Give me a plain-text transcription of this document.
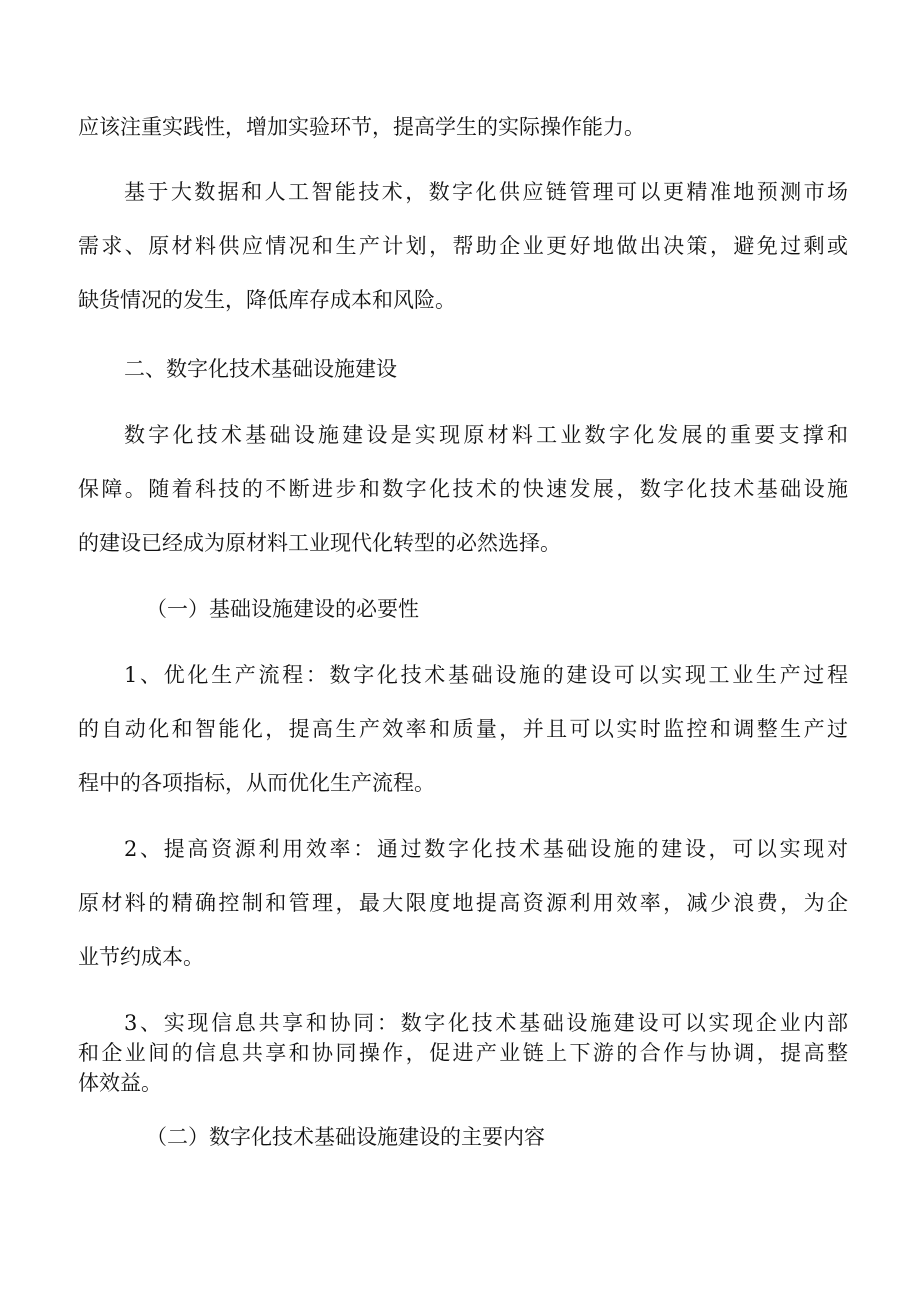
应该注重实践性，增加实验环节，提高学生的实际操作能力。
基于大数据和人工智能技术，数字化供应链管理可以更精准地预测市场
需求、原材料供应情况和生产计划，帮助企业更好地做出决策，避免过剩或
缺货情况的发生，降低库存成本和风险。
二、数字化技术基础设施建设
数字化技术基础设施建设是实现原材料工业数字化发展的重要支撑和
保障。随着科技的不断进步和数字化技术的快速发展，数字化技术基础设施
的建设已经成为原材料工业现代化转型的必然选择。
（一）基础设施建设的必要性
1、优化生产流程：数字化技术基础设施的建设可以实现工业生产过程
的自动化和智能化，提高生产效率和质量，并且可以实时监控和调整生产过
程中的各项指标，从而优化生产流程。
2、提高资源利用效率：通过数字化技术基础设施的建设，可以实现对
原材料的精确控制和管理，最大限度地提高资源利用效率，减少浪费，为企
业节约成本。
3、实现信息共享和协同：数字化技术基础设施建设可以实现企业内部
和企业间的信息共享和协同操作，促进产业链上下游的合作与协调，提高整
体效益。
（二）数字化技术基础设施建设的主要内容
